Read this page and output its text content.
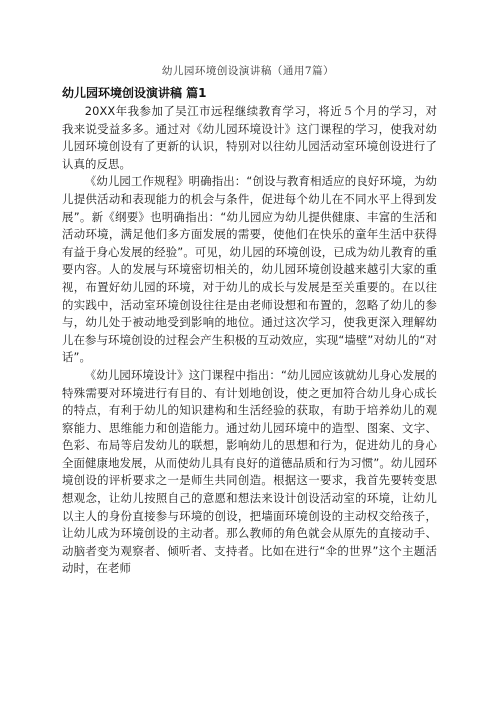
幼儿园环境创设演讲稿（通用7篇）
幼儿园环境创设演讲稿 篇1

20XX年我参加了吴江市远程继续教育学习，将近５个月的学习，对我来说受益多多。通过对《幼儿园环境设计》这门课程的学习，使我对幼儿园环境创设有了更新的认识，特别对以往幼儿园活动室环境创设进行了认真的反思。

《幼儿园工作规程》明确指出：“创设与教育相适应的良好环境，为幼儿提供活动和表现能力的机会与条件，促进每个幼儿在不同水平上得到发展”。新《纲要》也明确指出：“幼儿园应为幼儿提供健康、丰富的生活和活动环境，满足他们多方面发展的需要，使他们在快乐的童年生活中获得有益于身心发展的经验”。可见，幼儿园的环境创设，已成为幼儿教育的重要内容。人的发展与环境密切相关的，幼儿园环境创设越来越引大家的重视，布置好幼儿园的环境，对于幼儿的成长与发展是至关重要的。在以往的实践中，活动室环境创设往往是由老师设想和布置的，忽略了幼儿的参与，幼儿处于被动地受到影响的地位。通过这次学习，使我更深入理解幼儿在参与环境创设的过程会产生积极的互动效应，实现“墙壁”对幼儿的“对话”。

《幼儿园环境设计》这门课程中指出：“幼儿园应该就幼儿身心发展的特殊需要对环境进行有目的、有计划地创设，使之更加符合幼儿身心成长的特点，有利于幼儿的知识建构和生活经验的获取，有助于培养幼儿的观察能力、思维能力和创造能力。通过幼儿园环境中的造型、图案、文字、色彩、布局等启发幼儿的联想，影响幼儿的思想和行为，促进幼儿的身心全面健康地发展，从而使幼儿具有良好的道德品质和行为习惯”。幼儿园环境创设的评析要求之一是师生共同创造。根据这一要求，我首先要转变思想观念，让幼儿按照自己的意愿和想法来设计创设活动室的环境，让幼儿以主人的身份直接参与环境的创设，把墙面环境创设的主动权交给孩子，让幼儿成为环境创设的主动者。那么教师的角色就会从原先的直接动手、动脑者变为观察者、倾听者、支持者。比如在进行“伞的世界”这个主题活动时，在老师
